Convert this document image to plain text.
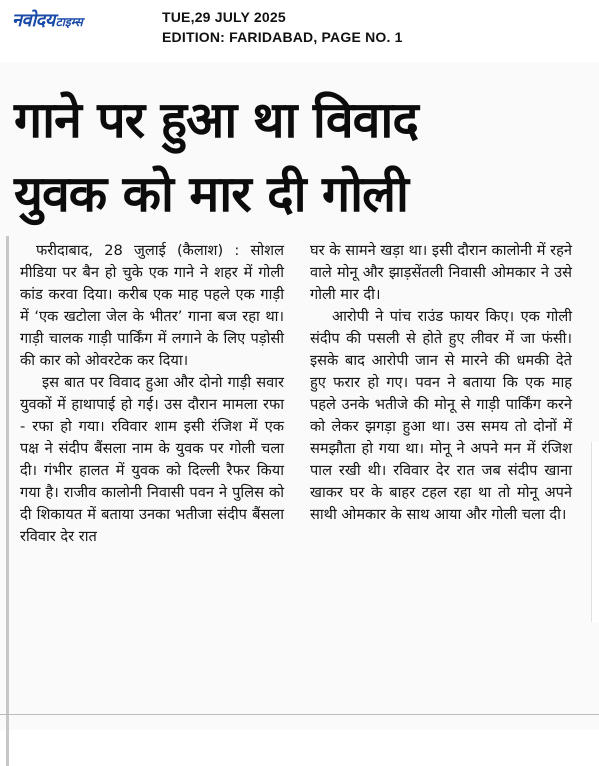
नवोदय टाइम्स	TUE,29 JULY 2025
EDITION: FARIDABAD, PAGE NO. 1
गाने पर हुआ था विवाद
युवक को मार दी गोली

फरीदाबाद, 28 जुलाई (कैलाश) : सोशल मीडिया पर बैन हो चुके एक गाने ने शहर में गोली कांड करवा दिया। करीब एक माह पहले एक गाड़ी में ‘एक खटोला जेल के भीतर’ गाना बज रहा था। गाड़ी चालक गाड़ी पार्किंग में लगाने के लिए पड़ोसी की कार को ओवरटेक कर दिया।

इस बात पर विवाद हुआ और दोनो गाड़ी सवार युवकों में हाथापाई हो गई। उस दौरान मामला रफा - रफा हो गया। रविवार शाम इसी रंजिश में एक पक्ष ने संदीप बैंसला नाम के युवक पर गोली चला दी। गंभीर हालत में युवक को दिल्ली रैफर किया गया है। राजीव कालोनी निवासी पवन ने पुलिस को दी शिकायत में बताया उनका भतीजा संदीप बैंसला रविवार देर रात

घर के सामने खड़ा था। इसी दौरान कालोनी में रहने वाले मोनू और झाड़सेंतली निवासी ओमकार ने उसे गोली मार दी।

आरोपी ने पांच राउंड फायर किए। एक गोली संदीप की पसली से होते हुए लीवर में जा फंसी। इसके बाद आरोपी जान से मारने की धमकी देते हुए फरार हो गए। पवन ने बताया कि एक माह पहले उनके भतीजे की मोनू से गाड़ी पार्किंग करने को लेकर झगड़ा हुआ था। उस समय तो दोनों में समझौता हो गया था। मोनू ने अपने मन में रंजिश पाल रखी थी। रविवार देर रात जब संदीप खाना खाकर घर के बाहर टहल रहा था तो मोनू अपने साथी ओमकार के साथ आया और गोली चला दी।
